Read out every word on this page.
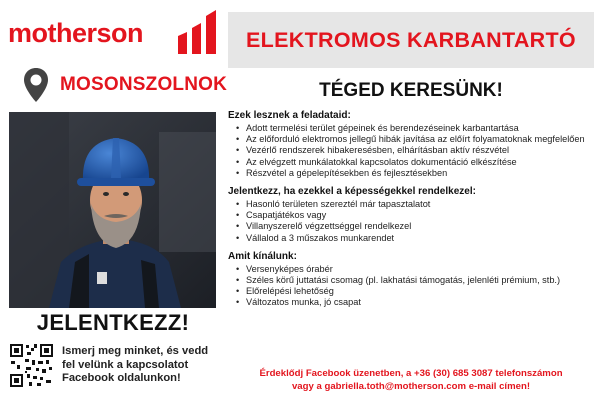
motherson
MOSONSZOLNOK
JELENTKEZZ!
Ismerj meg minket, és vedd fel velünk a kapcsolatot Facebook oldalunkon!
ELEKTROMOS KARBANTARTÓ
TÉGED KERESÜNK!
Ezek lesznek a feladataid:
• Adott termelési terület gépeinek és berendezéseinek karbantartása
• Az előforduló elektromos jellegű hibák javítása az előírt folyamatoknak megfelelően
• Vezérlő rendszerek hibakeresésben, elhárításban aktív részvétel
• Az elvégzett munkálatokkal kapcsolatos dokumentáció elkészítése
• Részvétel a gépelepítésekben és fejlesztésekben
Jelentkezz, ha ezekkel a képességekkel rendelkezel:
• Hasonló területen szereztél már tapasztalatot
• Csapatjátékos vagy
• Villanyszerelő végzettséggel rendelkezel
• Vállalod a 3 műszakos munkarendet
Amit kínálunk:
• Versenyképes órabér
• Széles körű juttatási csomag (pl. lakhatási támogatás, jelenléti prémium, stb.)
• Előrelépési lehetőség
• Változatos munka, jó csapat
Érdeklődj Facebook üzenetben, a +36 (30) 685 3087 telefonszámon
vagy a gabriella.toth@motherson.com e-mail címen!
